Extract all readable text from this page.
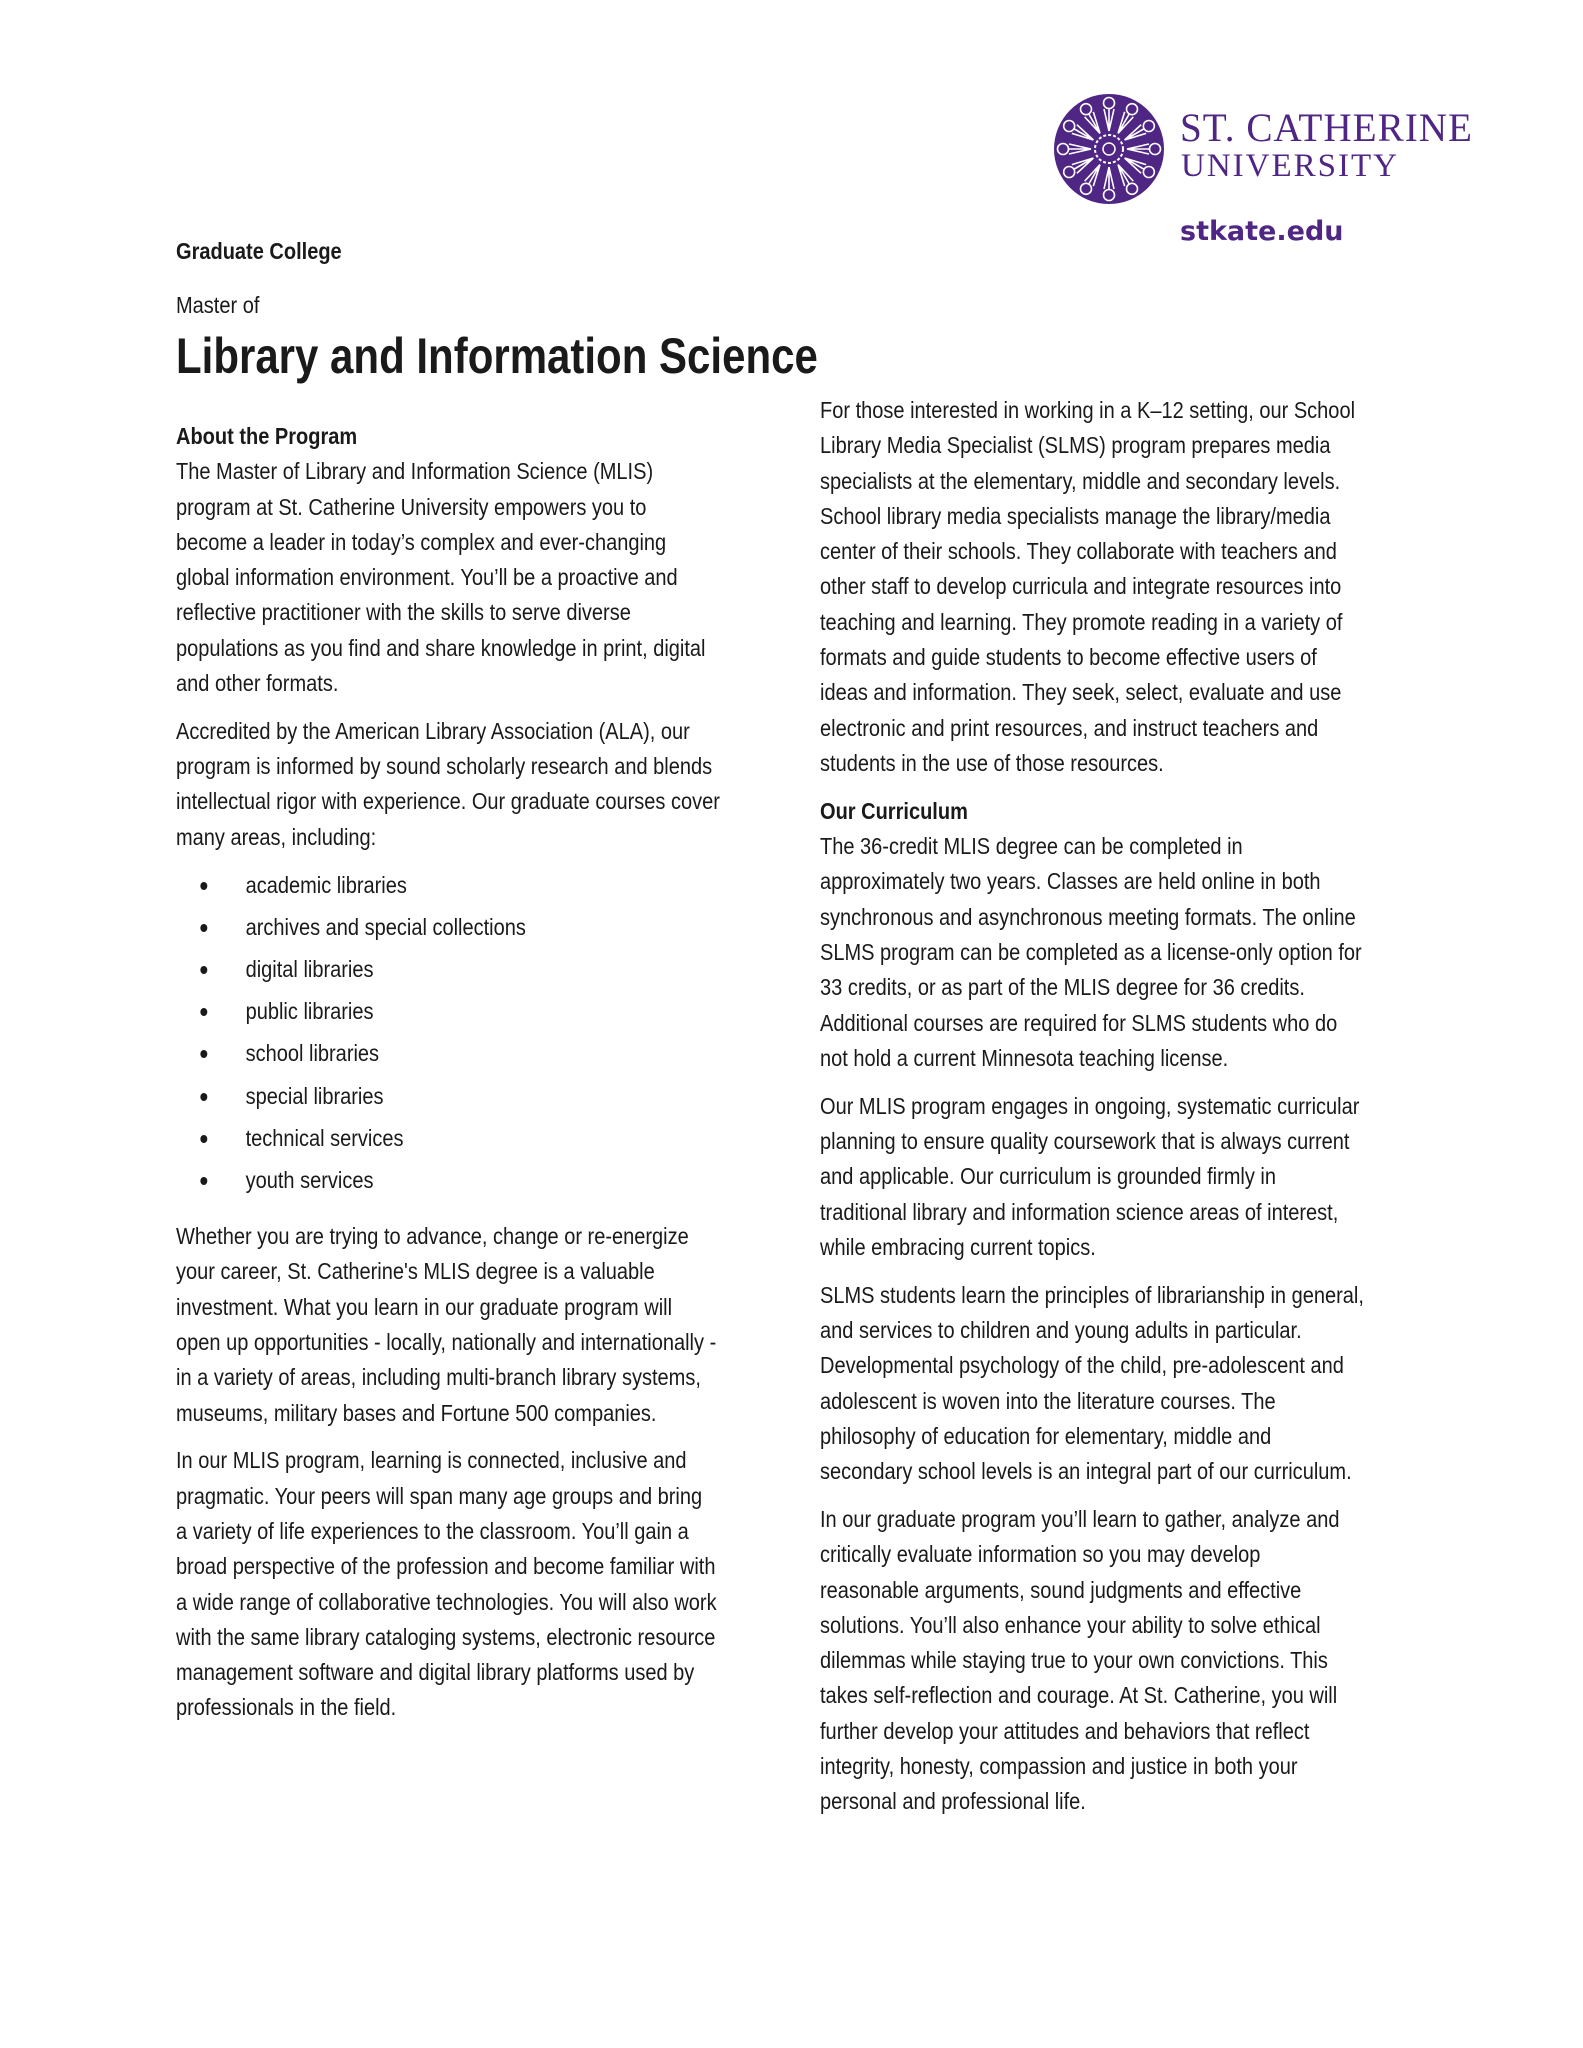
ST. CATHERINE
UNIVERSITY
stkate.edu
Graduate College
Master of
Library and Information Science
About the Program
The Master of Library and Information Science (MLIS)
program at St. Catherine University empowers you to
become a leader in today’s complex and ever-changing
global information environment. You’ll be a proactive and
reflective practitioner with the skills to serve diverse
populations as you find and share knowledge in print, digital
and other formats.
Accredited by the American Library Association (ALA), our
program is informed by sound scholarly research and blends
intellectual rigor with experience. Our graduate courses cover
many areas, including:
academic libraries
archives and special collections
digital libraries
public libraries
school libraries
special libraries
technical services
youth services
Whether you are trying to advance, change or re-energize
your career, St. Catherine's MLIS degree is a valuable
investment. What you learn in our graduate program will
open up opportunities - locally, nationally and internationally -
in a variety of areas, including multi-branch library systems,
museums, military bases and Fortune 500 companies.
In our MLIS program, learning is connected, inclusive and
pragmatic. Your peers will span many age groups and bring
a variety of life experiences to the classroom. You’ll gain a
broad perspective of the profession and become familiar with
a wide range of collaborative technologies. You will also work
with the same library cataloging systems, electronic resource
management software and digital library platforms used by
professionals in the field.
For those interested in working in a K–12 setting, our School
Library Media Specialist (SLMS) program prepares media
specialists at the elementary, middle and secondary levels.
School library media specialists manage the library/media
center of their schools. They collaborate with teachers and
other staff to develop curricula and integrate resources into
teaching and learning. They promote reading in a variety of
formats and guide students to become effective users of
ideas and information. They seek, select, evaluate and use
electronic and print resources, and instruct teachers and
students in the use of those resources.
Our Curriculum
The 36-credit MLIS degree can be completed in
approximately two years. Classes are held online in both
synchronous and asynchronous meeting formats. The online
SLMS program can be completed as a license-only option for
33 credits, or as part of the MLIS degree for 36 credits.
Additional courses are required for SLMS students who do
not hold a current Minnesota teaching license.
Our MLIS program engages in ongoing, systematic curricular
planning to ensure quality coursework that is always current
and applicable. Our curriculum is grounded firmly in
traditional library and information science areas of interest,
while embracing current topics.
SLMS students learn the principles of librarianship in general,
and services to children and young adults in particular.
Developmental psychology of the child, pre-adolescent and
adolescent is woven into the literature courses. The
philosophy of education for elementary, middle and
secondary school levels is an integral part of our curriculum.
In our graduate program you’ll learn to gather, analyze and
critically evaluate information so you may develop
reasonable arguments, sound judgments and effective
solutions. You’ll also enhance your ability to solve ethical
dilemmas while staying true to your own convictions. This
takes self-reflection and courage. At St. Catherine, you will
further develop your attitudes and behaviors that reflect
integrity, honesty, compassion and justice in both your
personal and professional life.
